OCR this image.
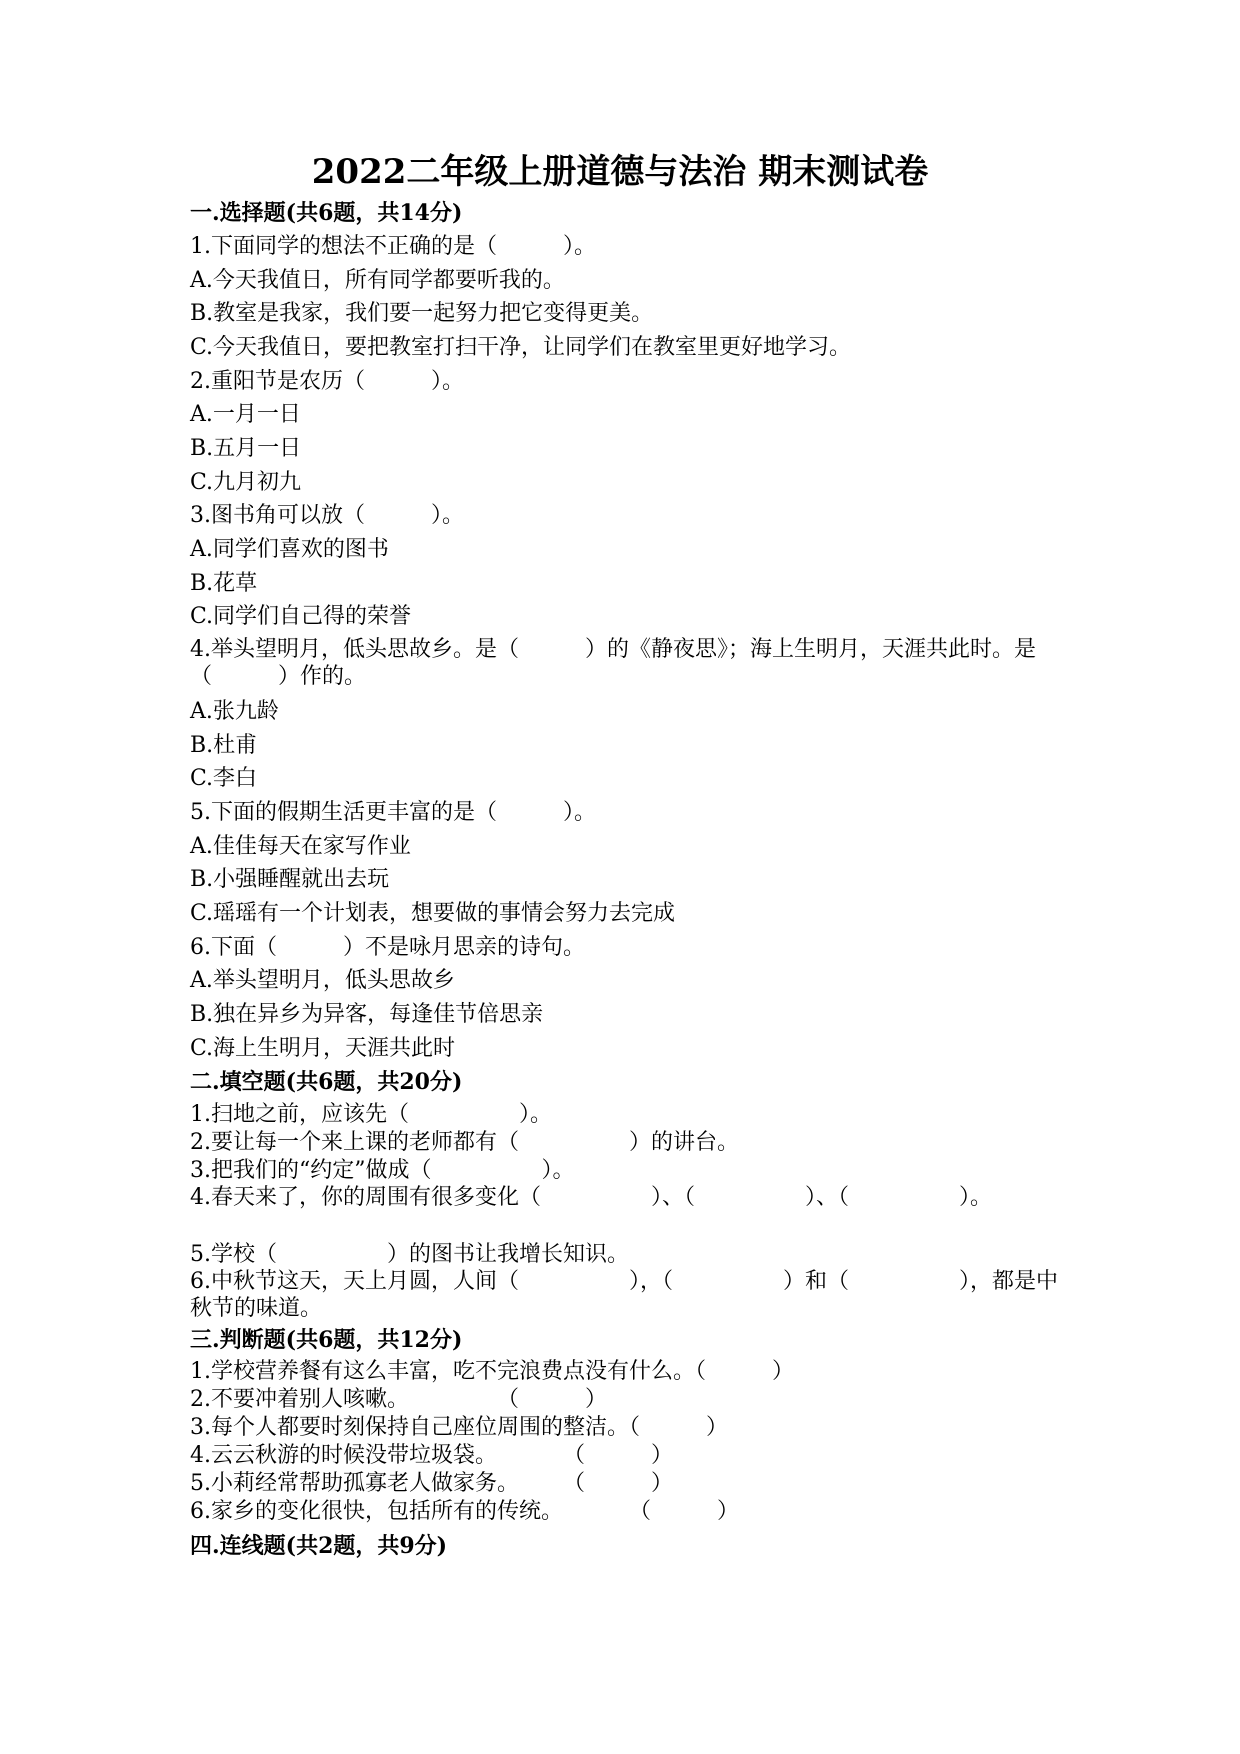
2022二年级上册道德与法治 期末测试卷
一.选择题(共6题，共14分)
1.下面同学的想法不正确的是（　　　）。
A.今天我值日，所有同学都要听我的。
B.教室是我家，我们要一起努力把它变得更美。
C.今天我值日，要把教室打扫干净，让同学们在教室里更好地学习。
2.重阳节是农历（　　　）。
A.一月一日
B.五月一日
C.九月初九
3.图书角可以放（　　　）。
A.同学们喜欢的图书
B.花草
C.同学们自己得的荣誉
4.举头望明月，低头思故乡。是（　　　）的《静夜思》；海上生明月，天涯共此时。是（　　　）作的。
A.张九龄
B.杜甫
C.李白
5.下面的假期生活更丰富的是（　　　）。
A.佳佳每天在家写作业
B.小强睡醒就出去玩
C.瑶瑶有一个计划表，想要做的事情会努力去完成
6.下面（　　　）不是咏月思亲的诗句。
A.举头望明月，低头思故乡
B.独在异乡为异客，每逢佳节倍思亲
C.海上生明月，天涯共此时
二.填空题(共6题，共20分)
1.扫地之前，应该先（　　　　　）。
2.要让每一个来上课的老师都有（　　　　　）的讲台。
3.把我们的“约定”做成（　　　　　）。
4.春天来了，你的周围有很多变化（　　　　　）、（　　　　　）、（　　　　　）。
5.学校（　　　　　）的图书让我增长知识。
6.中秋节这天，天上月圆，人间（　　　　　），（　　　　　）和（　　　　　），都是中秋节的味道。
三.判断题(共6题，共12分)
1.学校营养餐有这么丰富，吃不完浪费点没有什么。（　　　）
2.不要冲着别人咳嗽。　　　　　（　　　）
3.每个人都要时刻保持自己座位周围的整洁。（　　　）
4.云云秋游的时候没带垃圾袋。　　　　（　　　）
5.小莉经常帮助孤寡老人做家务。　　　（　　　）
6.家乡的变化很快，包括所有的传统。　　　　（　　　）
四.连线题(共2题，共9分)
